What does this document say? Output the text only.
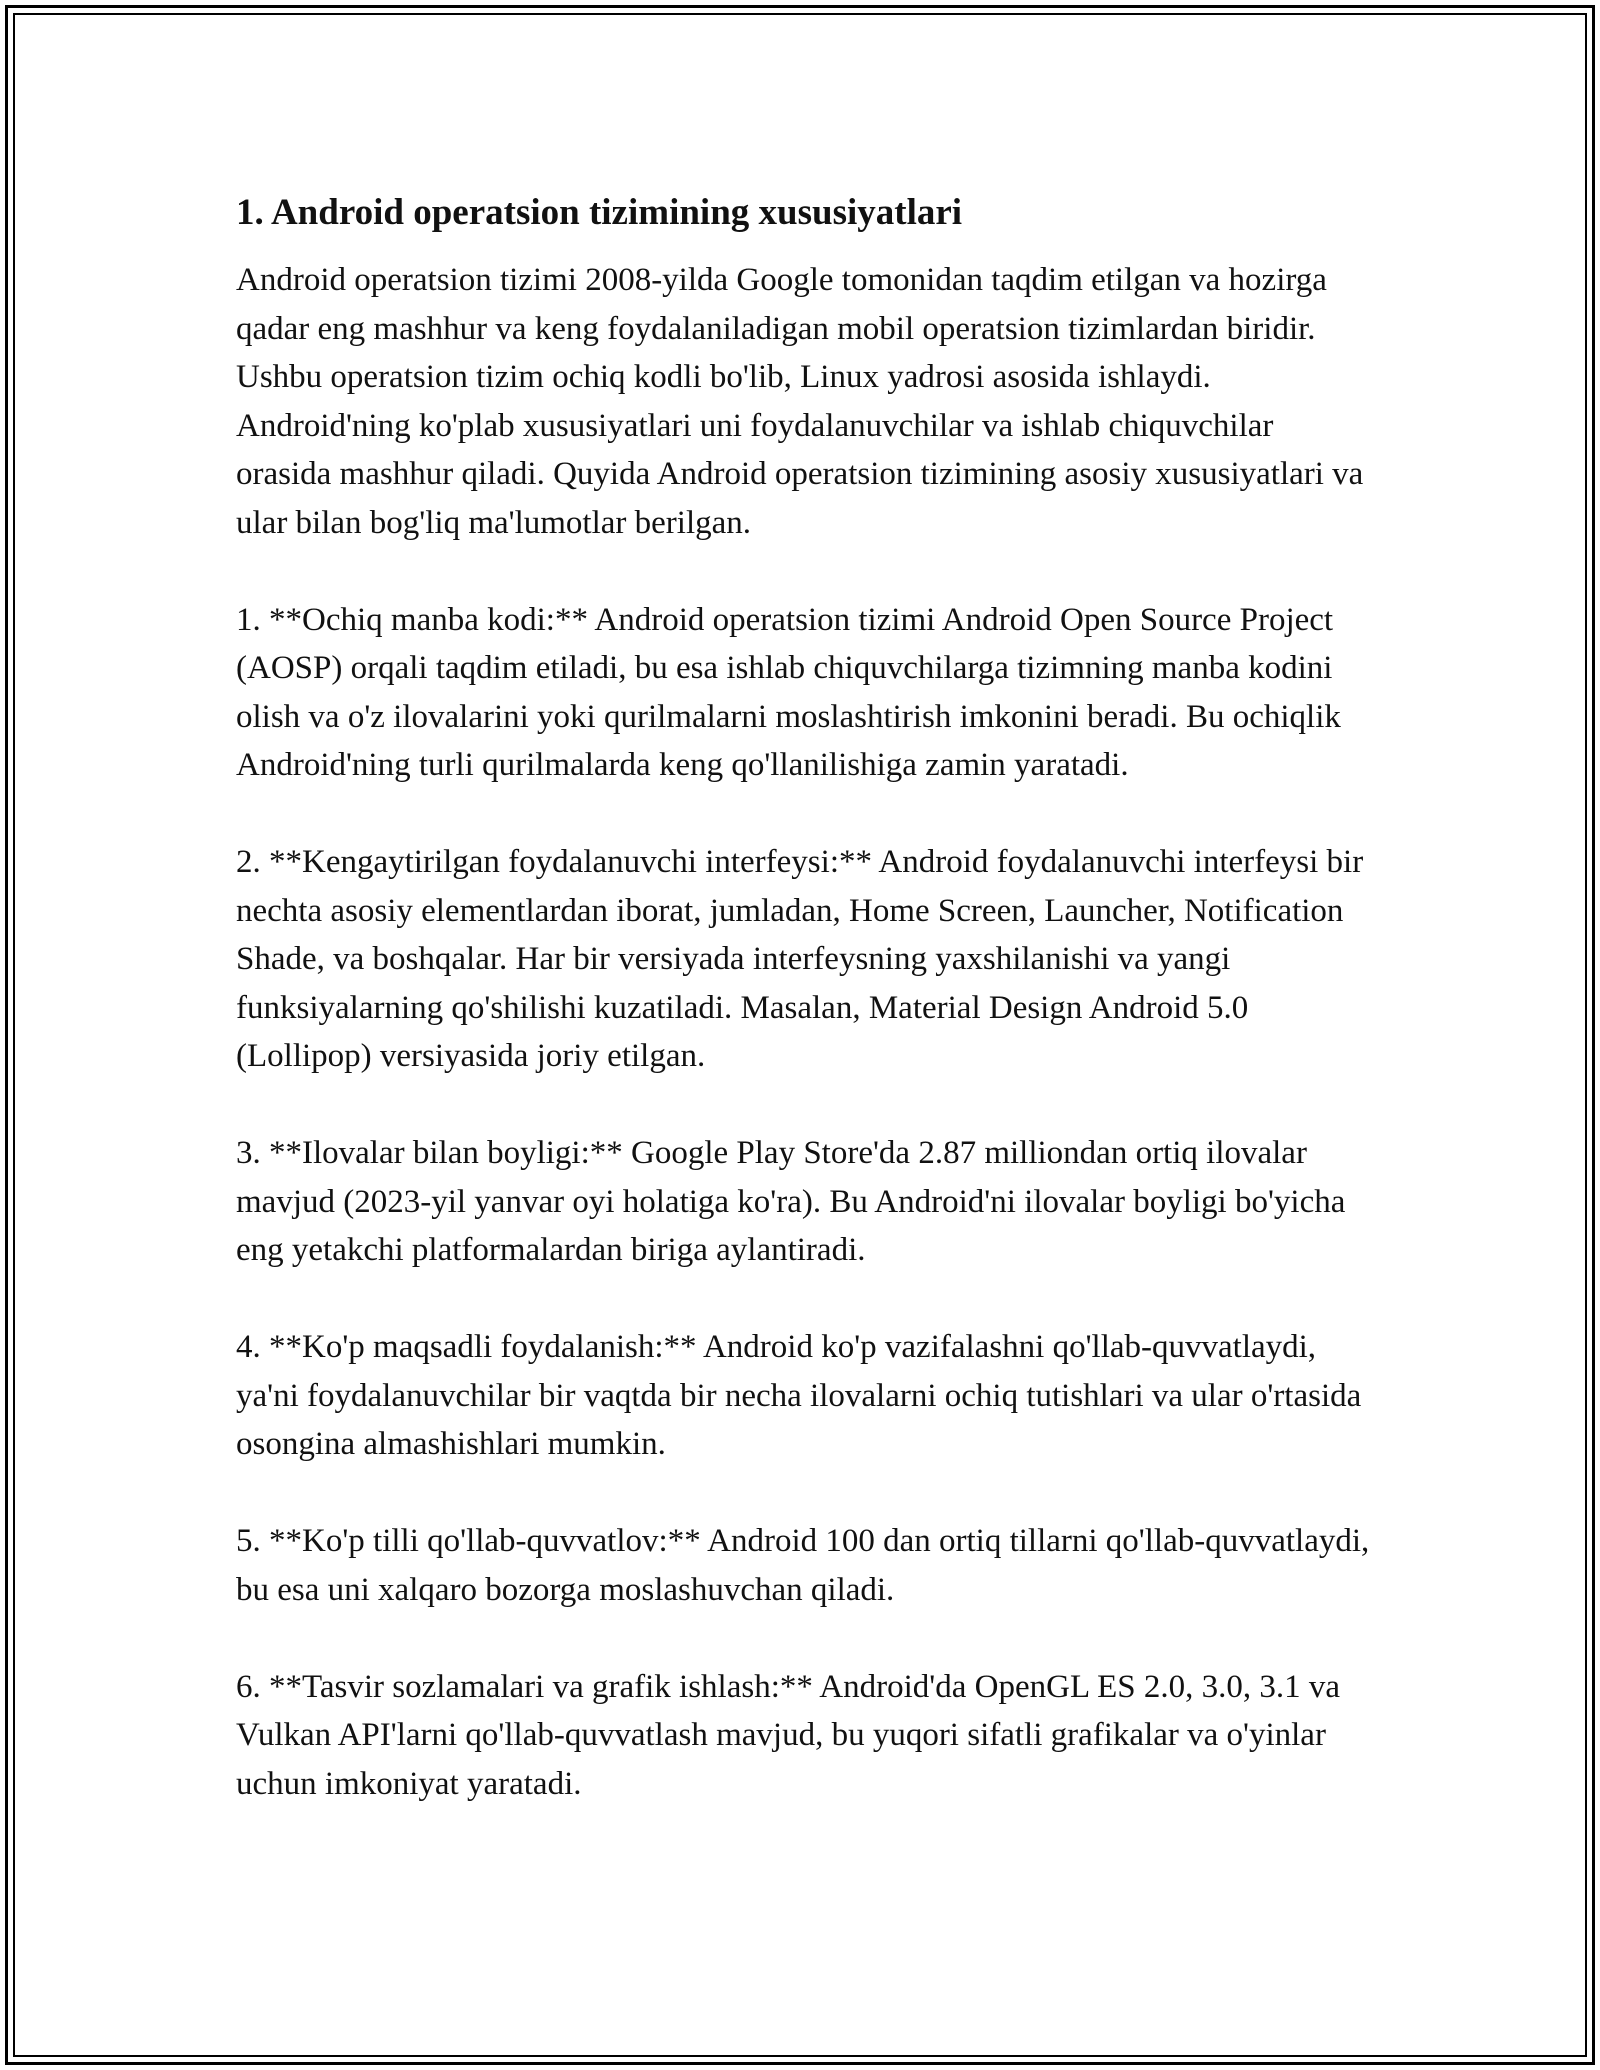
1. Android operatsion tizimining xususiyatlari

Android operatsion tizimi 2008-yilda Google tomonidan taqdim etilgan va hozirga qadar eng mashhur va keng foydalaniladigan mobil operatsion tizimlardan biridir. Ushbu operatsion tizim ochiq kodli bo'lib, Linux yadrosi asosida ishlaydi. Android'ning ko'plab xususiyatlari uni foydalanuvchilar va ishlab chiquvchilar orasida mashhur qiladi. Quyida Android operatsion tizimining asosiy xususiyatlari va ular bilan bog'liq ma'lumotlar berilgan.

1. **Ochiq manba kodi:** Android operatsion tizimi Android Open Source Project (AOSP) orqali taqdim etiladi, bu esa ishlab chiquvchilarga tizimning manba kodini olish va o'z ilovalarini yoki qurilmalarni moslashtirish imkonini beradi. Bu ochiqlik Android'ning turli qurilmalarda keng qo'llanilishiga zamin yaratadi.

2. **Kengaytirilgan foydalanuvchi interfeysi:** Android foydalanuvchi interfeysi bir nechta asosiy elementlardan iborat, jumladan, Home Screen, Launcher, Notification Shade, va boshqalar. Har bir versiyada interfeysning yaxshilanishi va yangi funksiyalarning qo'shilishi kuzatiladi. Masalan, Material Design Android 5.0 (Lollipop) versiyasida joriy etilgan.

3. **Ilovalar bilan boyligi:** Google Play Store'da 2.87 milliondan ortiq ilovalar mavjud (2023-yil yanvar oyi holatiga ko'ra). Bu Android'ni ilovalar boyligi bo'yicha eng yetakchi platformalardan biriga aylantiradi.

4. **Ko'p maqsadli foydalanish:** Android ko'p vazifalashni qo'llab-quvvatlaydi, ya'ni foydalanuvchilar bir vaqtda bir necha ilovalarni ochiq tutishlari va ular o'rtasida osongina almashishlari mumkin.

5. **Ko'p tilli qo'llab-quvvatlov:** Android 100 dan ortiq tillarni qo'llab-quvvatlaydi, bu esa uni xalqaro bozorga moslashuvchan qiladi.

6. **Tasvir sozlamalari va grafik ishlash:** Android'da OpenGL ES 2.0, 3.0, 3.1 va Vulkan API'larni qo'llab-quvvatlash mavjud, bu yuqori sifatli grafikalar va o'yinlar uchun imkoniyat yaratadi.
